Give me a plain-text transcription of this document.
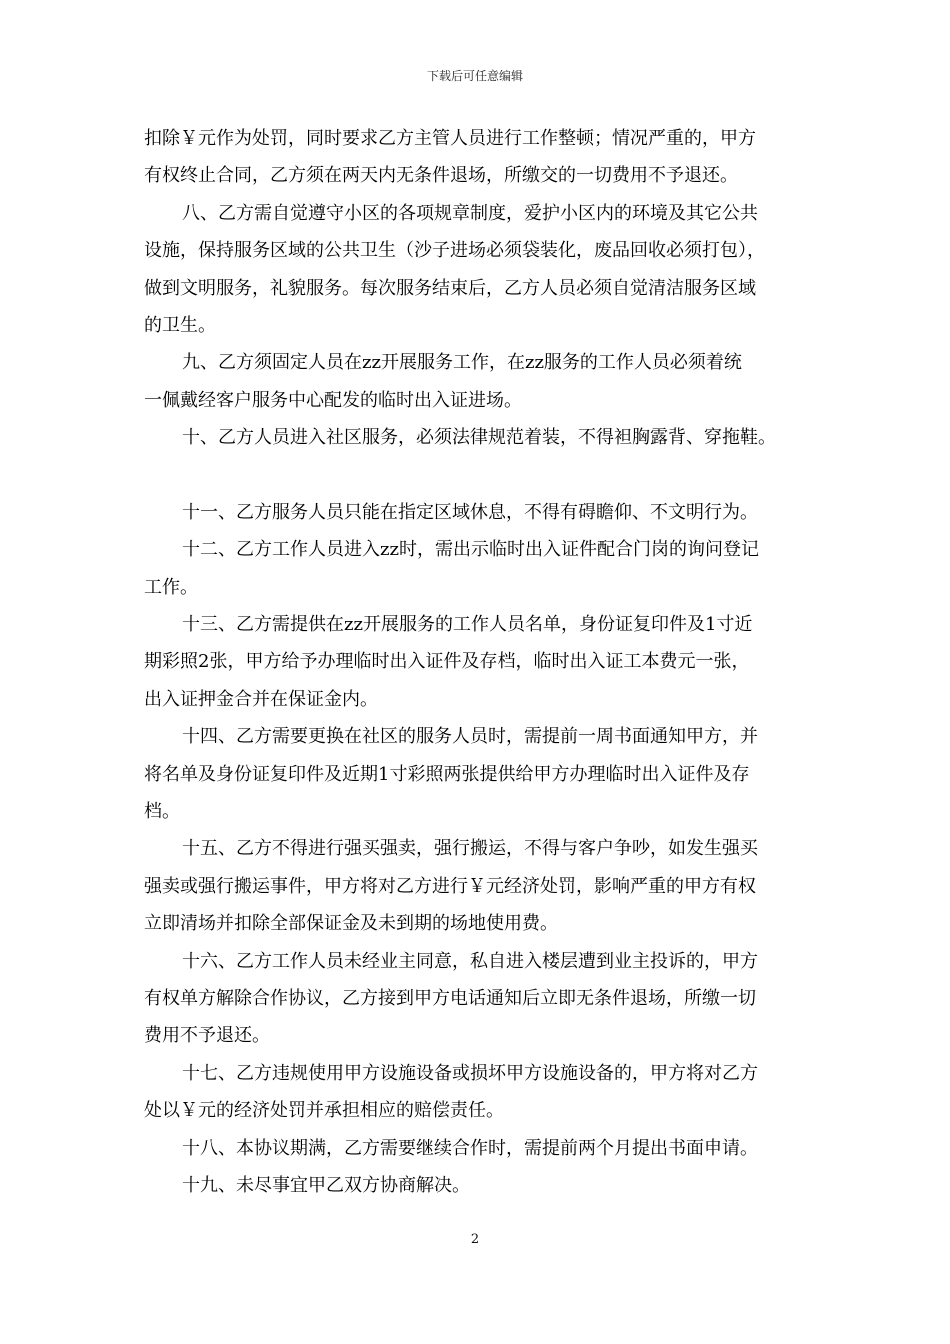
下载后可任意编辑
扣除￥元作为处罚，同时要求乙方主管人员进行工作整顿；情况严重的，甲方
有权终止合同，乙方须在两天内无条件退场，所缴交的一切费用不予退还。
八、乙方需自觉遵守小区的各项规章制度，爱护小区内的环境及其它公共
设施，保持服务区域的公共卫生（沙子进场必须袋装化，废品回收必须打包），
做到文明服务，礼貌服务。每次服务结束后，乙方人员必须自觉清洁服务区域
的卫生。
九、乙方须固定人员在zz开展服务工作，在zz服务的工作人员必须着统
一佩戴经客户服务中心配发的临时出入证进场。
十、乙方人员进入社区服务，必须法律规范着装，不得袒胸露背、穿拖鞋。
十一、乙方服务人员只能在指定区域休息，不得有碍瞻仰、不文明行为。
十二、乙方工作人员进入zz时，需出示临时出入证件配合门岗的询问登记
工作。
十三、乙方需提供在zz开展服务的工作人员名单，身份证复印件及1寸近
期彩照2张，甲方给予办理临时出入证件及存档，临时出入证工本费元一张，
出入证押金合并在保证金内。
十四、乙方需要更换在社区的服务人员时，需提前一周书面通知甲方，并
将名单及身份证复印件及近期1寸彩照两张提供给甲方办理临时出入证件及存
档。
十五、乙方不得进行强买强卖，强行搬运，不得与客户争吵，如发生强买
强卖或强行搬运事件，甲方将对乙方进行￥元经济处罚，影响严重的甲方有权
立即清场并扣除全部保证金及未到期的场地使用费。
十六、乙方工作人员未经业主同意，私自进入楼层遭到业主投诉的，甲方
有权单方解除合作协议，乙方接到甲方电话通知后立即无条件退场，所缴一切
费用不予退还。
十七、乙方违规使用甲方设施设备或损坏甲方设施设备的，甲方将对乙方
处以￥元的经济处罚并承担相应的赔偿责任。
十八、本协议期满，乙方需要继续合作时，需提前两个月提出书面申请。
十九、未尽事宜甲乙双方协商解决。
2
